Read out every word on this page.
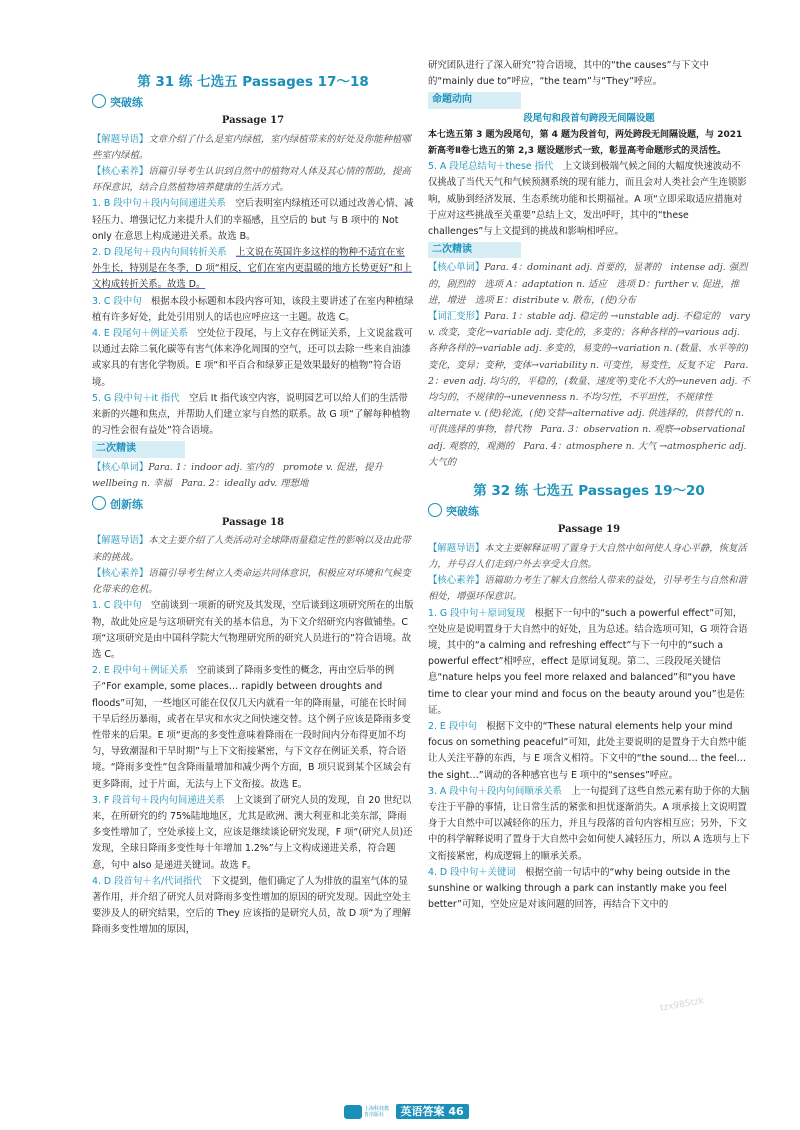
第 31 练 七选五 Passages 17～18
突破练
Passage 17

【解题导语】文章介绍了什么是室内绿植，室内绿植带来的好处及你能种植哪些室内绿植。

【核心素养】语篇引导考生认识到自然中的植物对人体及其心情的帮助，提高环保意识，结合自然植物培养健康的生活方式。

1. B 段中句＋段内句间递进关系　 空后表明室内绿植还可以通过改善心情、减轻压力、增强记忆力来提升人们的幸福感，且空后的 but 与 B 项中的 Not only 在意思上构成递进关系。故选 B。

2. D 段尾句＋段内句间转折关系　 上文说在英国许多这样的物种不适宜在室外生长，特别是在冬季，D 项“相反，它们在室内更温暖的地方长势更好”和上文构成转折关系。故选 D。

3. C 段中句　 根据本段小标题和本段内容可知，该段主要讲述了在室内种植绿植有许多好处，此处引用别人的话也应呼应这一主题。故选 C。

4. E 段尾句＋例证关系　 空处位于段尾，与上文存在例证关系，上文说盆栽可以通过去除二氧化碳等有害气体来净化周围的空气，还可以去除一些来自油漆或家具的有害化学物质。E 项“和平百合和绿萝正是效果最好的植物”符合语境。

5. G 段中句＋it 指代　 空后 It 指代该空内容，说明园艺可以给人们的生活带来新的兴趣和焦点，并帮助人们建立家与自然的联系。故 G 项“了解每种植物的习性会很有益处”符合语境。

二次精读

【核心单词】Para. 1：indoor adj. 室内的　promote v. 促进，提升　wellbeing n. 幸福　Para. 2：ideally adv. 理想地

创新练
Passage 18

【解题导语】本文主要介绍了人类活动对全球降雨量稳定性的影响以及由此带来的挑战。

【核心素养】语篇引导考生树立人类命运共同体意识，积极应对环境和气候变化带来的危机。

1. C 段中句　 空前谈到一项新的研究及其发现，空后谈到这项研究所在的出版物，故此处应是与这项研究有关的基本信息，为下文介绍研究内容做铺垫。C 项“这项研究是由中国科学院大气物理研究所的研究人员进行的”符合语境。故选 C。

2. E 段中句＋例证关系　 空前谈到了降雨多变性的概念，再由空后举的例子“For example, some places… rapidly between droughts and floods”可知，一些地区可能在仅仅几天内就看一年的降雨量，可能在长时间干旱后经历暴雨，或者在旱灾和水灾之间快速交替。这个例子应该是降雨多变性带来的后果。E 项“更高的多变性意味着降雨在一段时间内分布得更加不均匀，导致潮湿和干旱时期”与上下文衔接紧密，与下文存在例证关系，符合语境。“降雨多变性”包含降雨量增加和减少两个方面，B 项只说到某个区域会有更多降雨，过于片面，无法与上下文衔接。故选 E。

3. F 段首句＋段内句间递进关系　 上文谈到了研究人员的发现，自 20 世纪以来，在所研究的约 75%陆地地区，尤其是欧洲、澳大利亚和北美东部，降雨多变性增加了，空处承接上文，应该是继续谈论研究发现，F 项“(研究人员)还发现，全球日降雨多变性每十年增加 1.2%”与上文构成递进关系，符合题意，句中 also 是递进关键词。故选 F。

4. D 段首句＋名/代词指代　 下文提到，他们确定了人为排放的温室气体的显著作用，并介绍了研究人员对降雨多变性增加的原因的研究发现。因此空处主要涉及人的研究结果，空后的 They 应该指的是研究人员，故 D 项“为了理解降雨多变性增加的原因，

研究团队进行了深入研究”符合语境，其中的“the causes”与下文中的“mainly due to”呼应，“the team”与“They”呼应。

命题动向

段尾句和段首句跨段无间隔设题

本七选五第 3 题为段尾句，第 4 题为段首句，两处跨段无间隔设题，与 2021 新高考Ⅱ卷七选五的第 2,3 题设题形式一致，彰显高考命题形式的灵活性。

5. A 段尾总结句＋these 指代　 上文谈到极端气候之间的大幅度快速波动不仅挑战了当代天气和气候预测系统的现有能力，而且会对人类社会产生连锁影响，威胁到经济发展、生态系统功能和长期福祉。A 项“立即采取适应措施对于应对这些挑战至关重要”总结上文，发出呼吁，其中的“these challenges”与上文提到的挑战和影响相呼应。

二次精读

【核心单词】Para. 4：dominant adj. 首要的，显著的　intense adj. 强烈的，剧烈的　选项 A：adaptation n. 适应　选项 D：further v. 促进，推进，增进　选项 E：distribute v. 散布，(使)分布

【词汇变形】Para. 1：stable adj. 稳定的 →unstable adj. 不稳定的　vary v. 改变，变化→variable adj. 变化的，多变的；各种各样的→various adj. 各种各样的→variable adj. 多变的，易变的→variation n. (数量、水平等的)变化，变异；变种，变体→variability n. 可变性，易变性，反复不定　Para. 2：even adj. 均匀的，平稳的，(数量、速度等)变化不大的→uneven adj. 不均匀的，不规律的→unevenness n. 不均匀性，不平坦性，不规律性　alternate v. (使)轮流，(使)交替→alternative adj. 供选择的，供替代的 n. 可供选择的事物，替代物　Para. 3：observation n. 观察→observational adj. 观察的，观测的　Para. 4：atmosphere n. 大气 →atmospheric adj. 大气的

第 32 练 七选五 Passages 19～20
突破练
Passage 19

【解题导语】本文主要解释证明了置身于大自然中如何使人身心平静，恢复活力，并号召人们走到户外去享受大自然。

【核心素养】语篇助力考生了解大自然给人带来的益处，引导考生与自然和谐相处，增强环保意识。

1. G 段中句＋原词复现　 根据下一句中的“such a powerful effect”可知，空处应是说明置身于大自然中的好处，且为总述。结合选项可知，G 项符合语境，其中的“a calming and refreshing effect”与下一句中的“such a powerful effect”相呼应，effect 是原词复现。第二、三段段尾关键信息“nature helps you feel more relaxed and balanced”和“you have time to clear your mind and focus on the beauty around you”也是佐证。

2. E 段中句　 根据下文中的“These natural elements help your mind focus on something peaceful”可知，此处主要说明的是置身于大自然中能让人关注平静的东西，与 E 项含义相符。下文中的“the sound… the feel… the sight…”调动的各种感官也与 E 项中的“senses”呼应。

3. A 段中句＋段内句间顺承关系　 上一句提到了这些自然元素有助于你的大脑专注于平静的事情，让日常生活的紧张和担忧逐渐消失。A 项承接上文说明置身于大自然中可以减轻你的压力，并且与段落的首句内容相互应；另外，下文中的科学解释说明了置身于大自然中会如何使人减轻压力，所以 A 选项与上下文衔接紧密，构成逻辑上的顺承关系。

4. D 段中句＋关键词　 根据空前一句话中的“why being outside in the sunshine or walking through a park can instantly make you feel better”可知，空处应是对该问题的回答，再结合下文中的

tzx985tzk
上海科技教育出版社 英语答案 46
